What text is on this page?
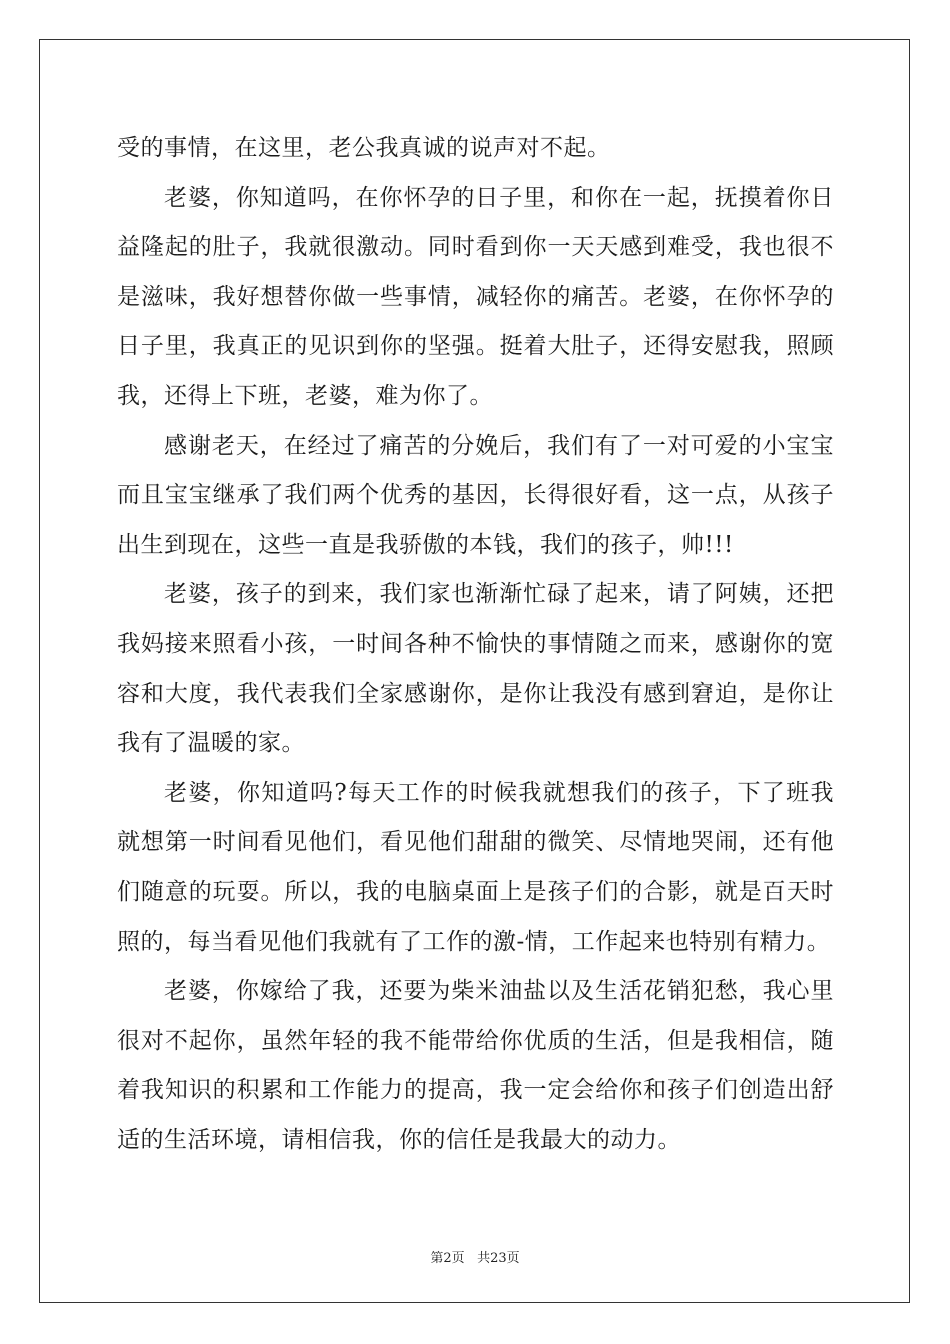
受的事情，在这里，老公我真诚的说声对不起。

老婆，你知道吗，在你怀孕的日子里，和你在一起，抚摸着你日益隆起的肚子，我就很激动。同时看到你一天天感到难受，我也很不是滋味，我好想替你做一些事情，减轻你的痛苦。老婆，在你怀孕的日子里，我真正的见识到你的坚强。挺着大肚子，还得安慰我，照顾我，还得上下班，老婆，难为你了。

感谢老天，在经过了痛苦的分娩后，我们有了一对可爱的小宝宝而且宝宝继承了我们两个优秀的基因，长得很好看，这一点，从孩子出生到现在，这些一直是我骄傲的本钱，我们的孩子，帅!!!

老婆，孩子的到来，我们家也渐渐忙碌了起来，请了阿姨，还把我妈接来照看小孩，一时间各种不愉快的事情随之而来，感谢你的宽容和大度，我代表我们全家感谢你，是你让我没有感到窘迫，是你让我有了温暖的家。

老婆，你知道吗?每天工作的时候我就想我们的孩子，下了班我就想第一时间看见他们，看见他们甜甜的微笑、尽情地哭闹，还有他们随意的玩耍。所以，我的电脑桌面上是孩子们的合影，就是百天时照的，每当看见他们我就有了工作的激-情，工作起来也特别有精力。

老婆，你嫁给了我，还要为柴米油盐以及生活花销犯愁，我心里很对不起你，虽然年轻的我不能带给你优质的生活，但是我相信，随着我知识的积累和工作能力的提高，我一定会给你和孩子们创造出舒适的生活环境，请相信我，你的信任是我最大的动力。

第2页 共23页
